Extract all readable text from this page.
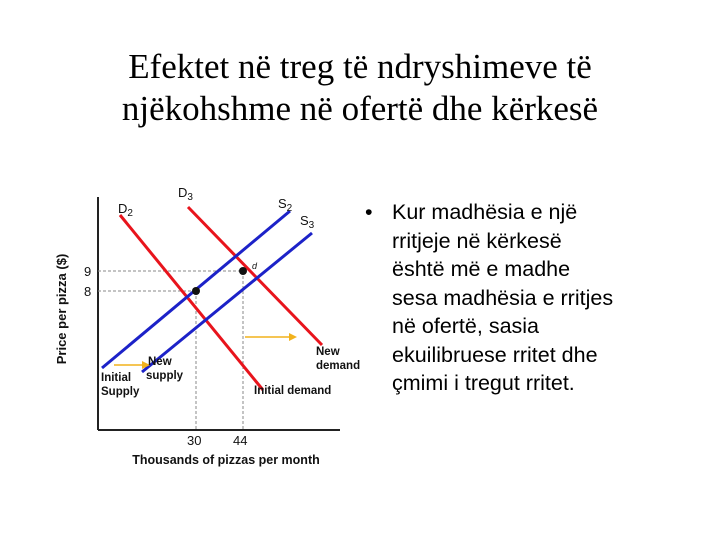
Efektet në treg të ndryshimeve të
njëkohshme në ofertë dhe kërkesë
$D_2$
$D_3$	$S_2$
$S_3$
d
New supply
Initial Supply
New demand
Initial demand
9
8
30 44
Price per pizza ($)
Thousands of pizzas per month
• Kur madhësia e një
rritjeje në kërkesë
është më e madhe
sesa madhësia e rritjes
në ofertë, sasia
ekuilibruese rritet dhe
çmimi i tregut rritet.
